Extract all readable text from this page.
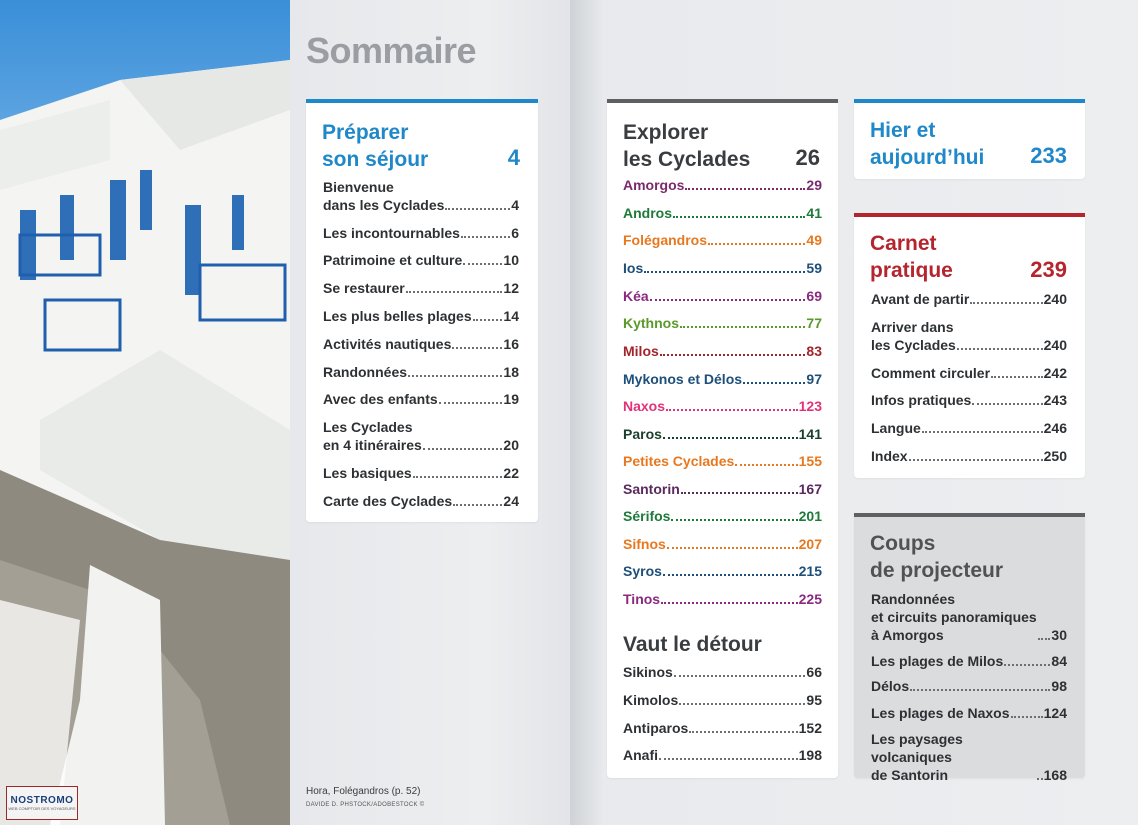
NOSTROMO
WEB COMPTOIR DES VOYAGEURS
Sommaire
Préparer
son séjour	4
Bienvenue
dans les Cyclades	4
Les incontournables	6
Patrimoine et culture	10
Se restaurer	12
Les plus belles plages 14
Activités nautiques	16
Randonnées	18
Avec des enfants	19
Les Cyclades
en 4 itinéraires	20
Les basiques	22
Carte des Cyclades	24
Explorer
les Cyclades 26
Vaut le détour
Amorgos	29
Andros	41
Folégandros	49
Ios	59
Kéa	69
Kythnos	77
Milos	83
Mykonos et Délos	97
Naxos	123
Paros	141
Petites Cyclades	155
Santorin	167
Sérifos	201
Sifnos	207
Syros	215
Tinos	225
Sikinos	66
Kimolos	95
Antiparos	152
Anafi	198
Hier et
aujourd’hui 233
Carnet
pratique	239
Avant de partir	240
Arriver dans
les Cyclades	240
Comment circuler	242
Infos pratiques	243
Langue	246
Index	250
Coups
de projecteur
Randonnées
et circuits panoramiques
à Amorgos	30
Les plages de Milos	84
Délos	98
Les plages de Naxos 124
Les paysages volcaniques
de Santorin	168
Hora, Folégandros (p. 52)
DAVIDE D. PHSTOCK/ADOBESTOCK ©
